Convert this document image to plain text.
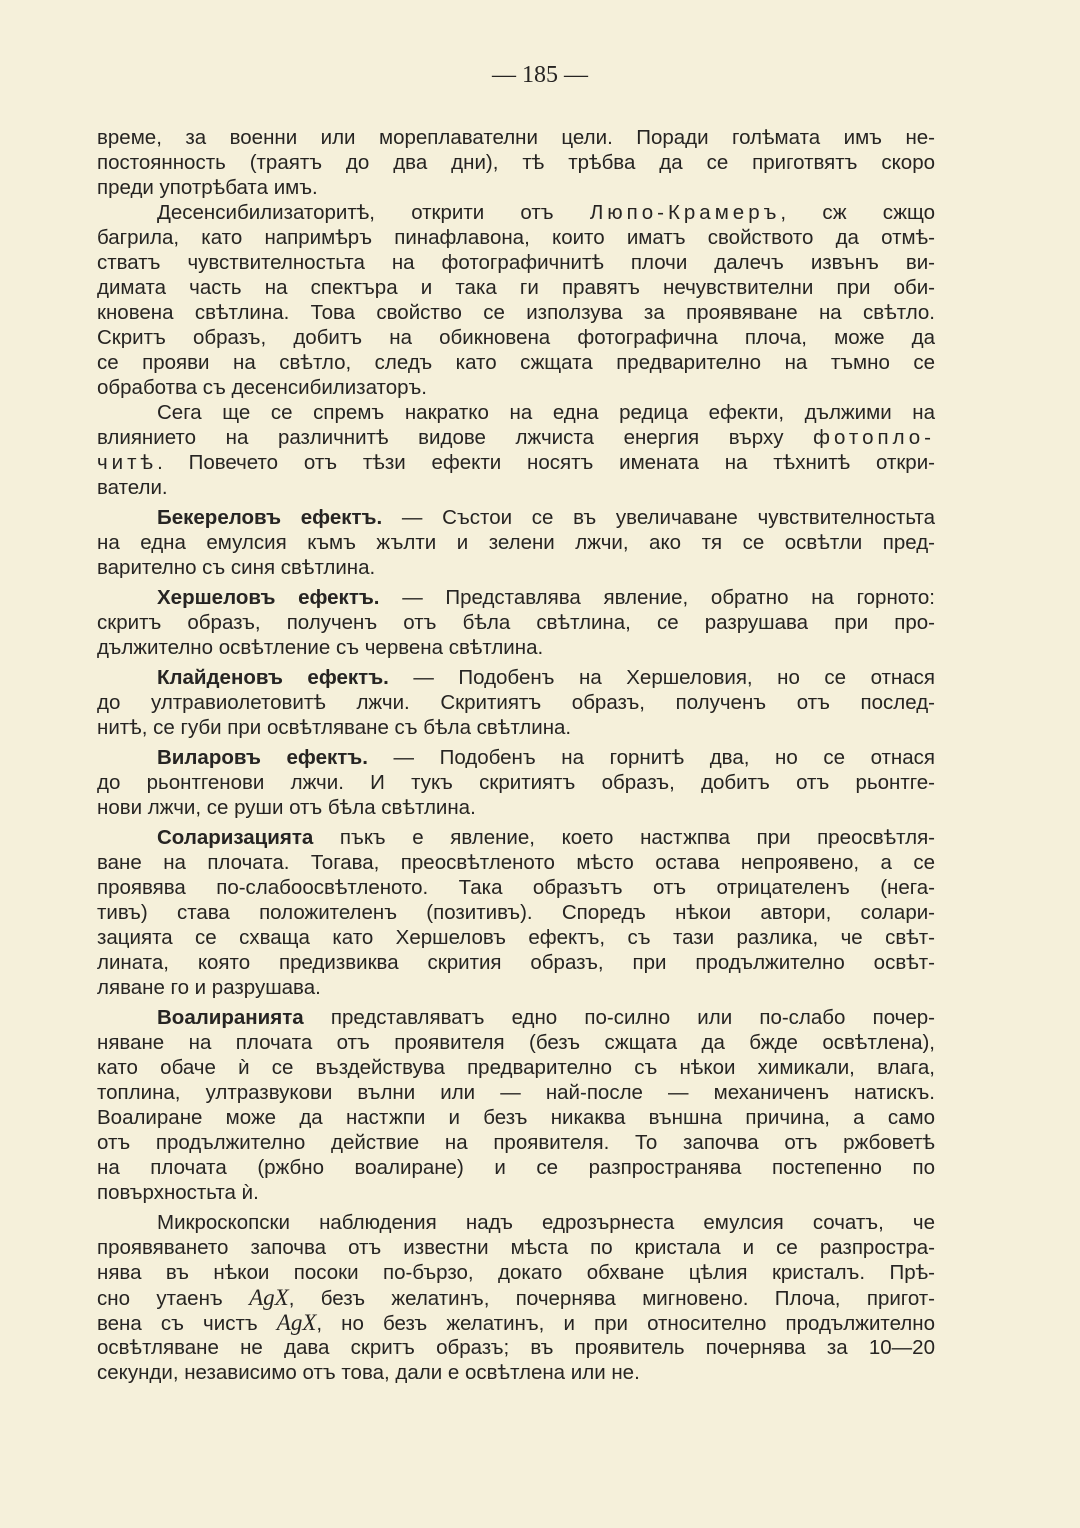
— 185 —
време, за военни или мореплавателни цели. Поради голѣмата имъ не-
постоянность (траятъ до два дни), тѣ трѣбва да се приготвятъ скоро
преди употрѣбата имъ.
Десенсибилизаторитѣ, открити отъ Люпо-Крамеръ, сж сжщо
багрила, като напримѣръ пинафлавона, които иматъ свойството да отмѣ-
стватъ чувствителностьта на фотографичнитѣ плочи далечъ извънъ ви-
димата часть на спектъра и така ги правятъ нечувствителни при оби-
кновена свѣтлина. Това свойство се използува за проявяване на свѣтло.
Скритъ образъ, добитъ на обикновена фотографична плоча, може да
се прояви на свѣтло, следъ като сжщата предварително на тъмно се
обработва съ десенсибилизаторъ.
Сега ще се спремъ накратко на една редица ефекти, дължими на
влиянието на различнитѣ видове лжчиста енергия върху фотопло-
читѣ. Повечето отъ тѣзи ефекти носятъ имената на тѣхнитѣ откри-
ватели.
Бекереловъ ефектъ. — Състои се въ увеличаване чувствителностьта
на една емулсия къмъ жълти и зелени лжчи, ако тя се освѣтли пред-
варително съ синя свѣтлина.
Хершеловъ ефектъ. — Представлява явление, обратно на горното:
скритъ образъ, полученъ отъ бѣла свѣтлина, се разрушава при про-
дължително освѣтление съ червена свѣтлина.
Клайденовъ ефектъ. — Подобенъ на Хершеловия, но се отнася
до ултравиолетовитѣ лжчи. Скритиятъ образъ, полученъ отъ послед-
нитѣ, се губи при освѣтляване съ бѣла свѣтлина.
Виларовъ ефектъ. — Подобенъ на горнитѣ два, но се отнася
до рьонтгенови лжчи. И тукъ скритиятъ образъ, добитъ отъ рьонтге-
нови лжчи, се руши отъ бѣла свѣтлина.
Соларизацията пъкъ е явление, което настжпва при преосвѣтля-
ване на плочата. Тогава, преосвѣтленото мѣсто остава непроявено, а се
проявява по-слабоосвѣтленото. Така образътъ отъ отрицателенъ (нега-
тивъ) става положителенъ (позитивъ). Споредъ нѣкои автори, солари-
зацията се схваща като Хершеловъ ефектъ, съ тази разлика, че свѣт-
лината, която предизвиква скрития образъ, при продължително освѣт-
ляване го и разрушава.
Воалиранията представляватъ едно по-силно или по-слабо почер-
няване на плочата отъ проявителя (безъ сжщата да бжде освѣтлена),
като обаче ѝ се въздействува предварително съ нѣкои химикали, влага,
топлина, ултразвукови вълни или — най-после — механиченъ натискъ.
Воалиране може да настжпи и безъ никаква външна причина, а само
отъ продължително действие на проявителя. То започва отъ ржбоветѣ
на плочата (ржбно воалиране) и се разпространява постепенно по
повърхностьта ѝ.
Микроскопски наблюдения надъ едрозърнеста емулсия сочатъ, че
проявяването започва отъ известни мѣста по кристала и се разпростра-
нява въ нѣкои посоки по-бързо, докато обхване цѣлия кристалъ. Прѣ-
сно утаенъ AgX, безъ желатинъ, почернява мигновено. Плоча, пригот-
вена съ чистъ AgX, но безъ желатинъ, и при относително продължително
освѣтляване не дава скритъ образъ; въ проявитель почернява за 10—20
секунди, независимо отъ това, дали е освѣтлена или не.
